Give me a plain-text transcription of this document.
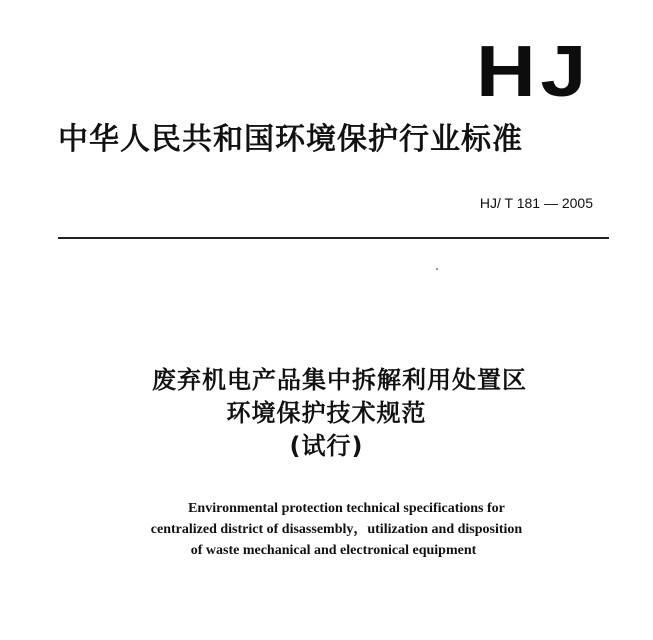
HJ
中华人民共和国环境保护行业标准
HJ/ T 181 — 2005
废弃机电产品集中拆解利用处置区
环境保护技术规范
(试行)
Environmental protection technical specifications for
centralized district of disassembly，utilization and disposition
of waste mechanical and electronical equipment
